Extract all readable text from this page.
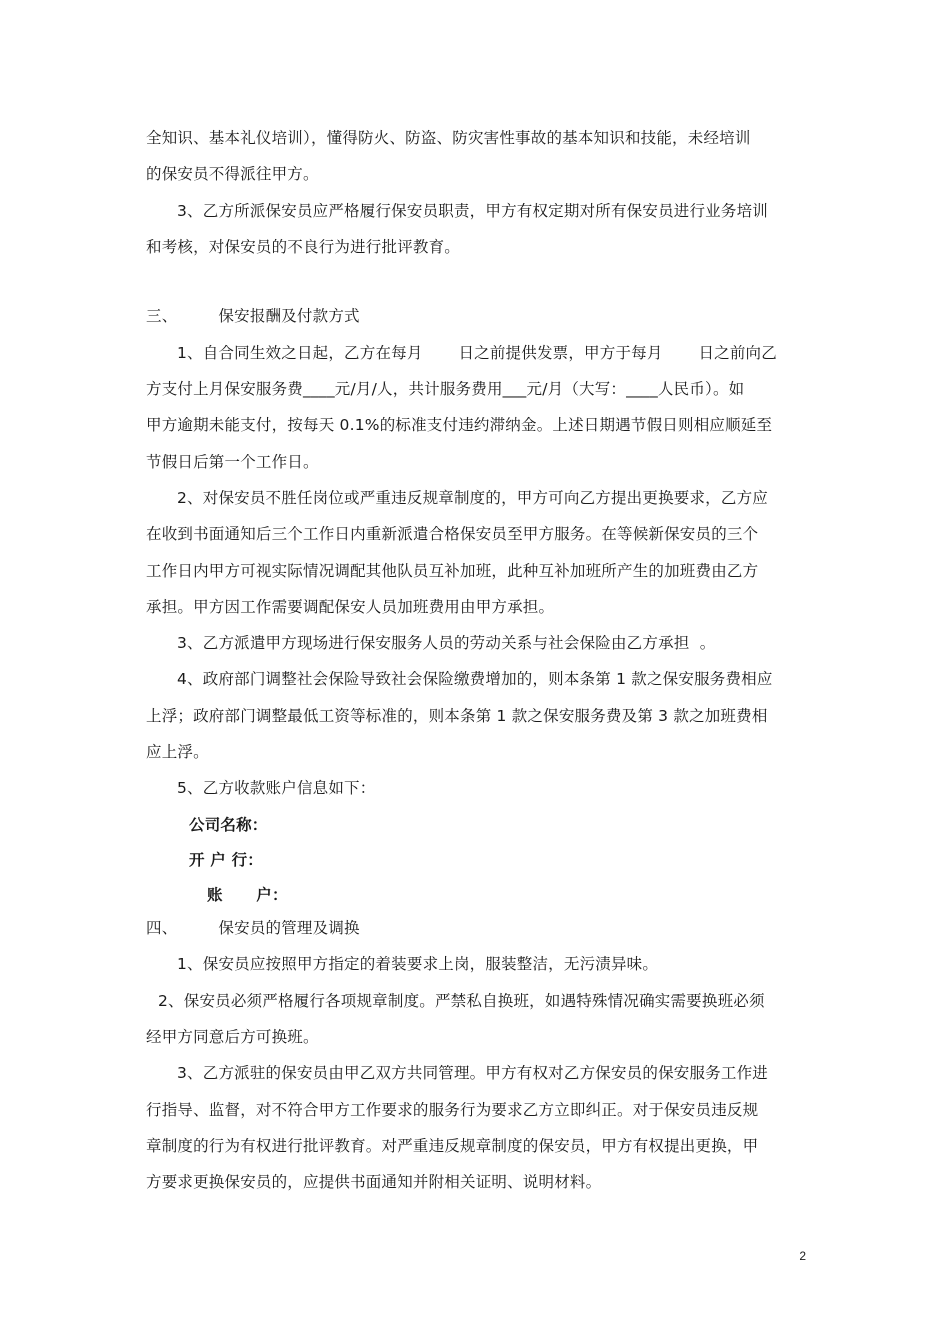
全知识、基本礼仪培训），懂得防火、防盗、防灾害性事故的基本知识和技能，未经培训
的保安员不得派往甲方。
3、乙方所派保安员应严格履行保安员职责，甲方有权定期对所有保安员进行业务培训
和考核，对保安员的不良行为进行批评教育。
三、        保安报酬及付款方式
1、自合同生效之日起，乙方在每月       日之前提供发票，甲方于每月       日之前向乙
方支付上月保安服务费____元/月/人，共计服务费用___元/月（大写：____人民币）。如
甲方逾期未能支付，按每天 0.1%的标准支付违约滞纳金。上述日期遇节假日则相应顺延至
节假日后第一个工作日。
2、对保安员不胜任岗位或严重违反规章制度的，甲方可向乙方提出更换要求，乙方应
在收到书面通知后三个工作日内重新派遣合格保安员至甲方服务。在等候新保安员的三个
工作日内甲方可视实际情况调配其他队员互补加班，此种互补加班所产生的加班费由乙方
承担。甲方因工作需要调配保安人员加班费用由甲方承担。
3、乙方派遣甲方现场进行保安服务人员的劳动关系与社会保险由乙方承担  。
4、政府部门调整社会保险导致社会保险缴费增加的，则本条第 1 款之保安服务费相应
上浮；政府部门调整最低工资等标准的，则本条第 1 款之保安服务费及第 3 款之加班费相
应上浮。
5、乙方收款账户信息如下：
公司名称：
开 户 行：
账      户：
四、        保安员的管理及调换
1、保安员应按照甲方指定的着装要求上岗，服装整洁，无污渍异味。
2、保安员必须严格履行各项规章制度。严禁私自换班，如遇特殊情况确实需要换班必须
经甲方同意后方可换班。
3、乙方派驻的保安员由甲乙双方共同管理。甲方有权对乙方保安员的保安服务工作进
行指导、监督，对不符合甲方工作要求的服务行为要求乙方立即纠正。对于保安员违反规
章制度的行为有权进行批评教育。对严重违反规章制度的保安员，甲方有权提出更换，甲
方要求更换保安员的，应提供书面通知并附相关证明、说明材料。
2
